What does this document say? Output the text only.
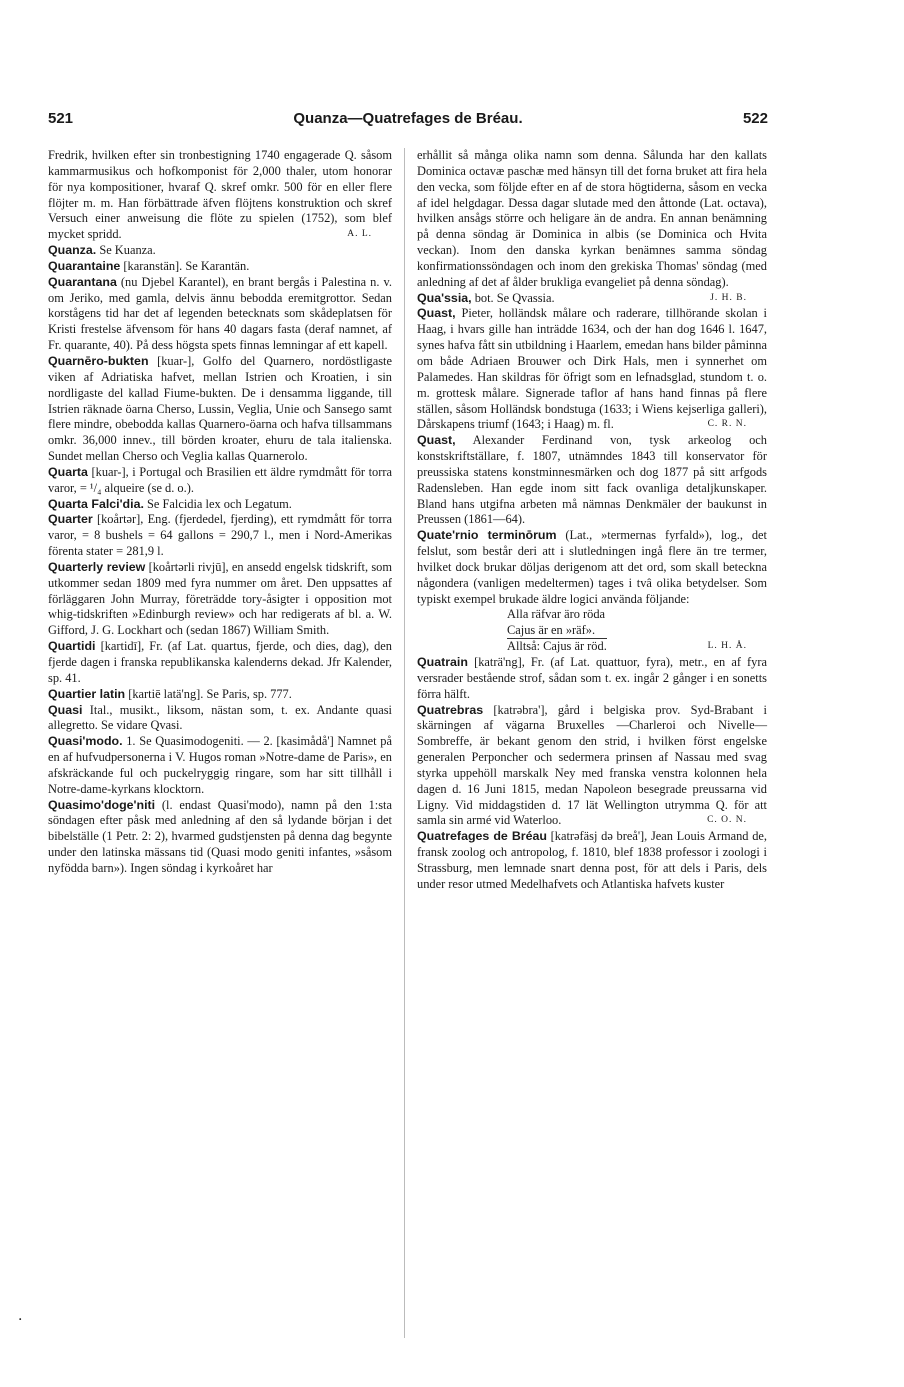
521	Quanza—Quatrefages de Bréau.	522

Fredrik, hvilken efter sin tronbestigning 1740 engagerade Q. såsom kammarmusikus och hofkomponist för 2,000 thaler, utom honorar för nya kompositioner, hvaraf Q. skref omkr. 500 för en eller flere flöjter m. m. Han förbättrade äfven flöjtens konstruktion och skref Versuch einer anweisung die flöte zu spielen (1752), som blef mycket spridd.	A. L.

Quanza. Se Kuanza.

Quarantaine [karanstän]. Se Karantän.

Quarantana (nu Djebel Karantel), en brant bergås i Palestina n. v. om Jeriko, med gamla, delvis ännu bebodda eremitgrottor. Sedan korstågens tid har det af legenden betecknats som skådeplatsen för Kristi frestelse äfvensom för hans 40 dagars fasta (deraf namnet, af Fr. quarante, 40). På dess högsta spets finnas lemningar af ett kapell.

Quarnēro-bukten [kuar-], Golfo del Quarnero, nordöstligaste viken af Adriatiska hafvet, mellan Istrien och Kroatien, i sin nordligaste del kallad Fiume-bukten. De i densamma liggande, till Istrien räknade öarna Cherso, Lussin, Veglia, Unie och Sansego samt flere mindre, obebodda kallas Quarnero-öarna och hafva tillsammans omkr. 36,000 innev., till börden kroater, ehuru de tala italienska. Sundet mellan Cherso och Veglia kallas Quarnerolo.

Quarta [kuar-], i Portugal och Brasilien ett äldre rymdmått för torra varor, = ¹/₄ alqueire (se d. o.).

Quarta Falci'dia. Se Falcidia lex och Legatum.

Quarter [koårtər], Eng. (fjerdedel, fjerding), ett rymdmått för torra varor, = 8 bushels = 64 gallons = 290,7 l., men i Nord-Amerikas förenta stater = 281,9 l.

Quarterly review [koårtərli rivjū], en ansedd engelsk tidskrift, som utkommer sedan 1809 med fyra nummer om året. Den uppsattes af förläggaren John Murray, företrädde tory-åsigter i opposition mot whig-tidskriften »Edinburgh review» och har redigerats af bl. a. W. Gifford, J. G. Lockhart och (sedan 1867) William Smith.

Quartidi [kartidī], Fr. (af Lat. quartus, fjerde, och dies, dag), den fjerde dagen i franska republikanska kalenderns dekad. Jfr Kalender, sp. 41.

Quartier latin [kartiē latä'ng]. Se Paris, sp. 777.

Quasi Ital., musikt., liksom, nästan som, t. ex. Andante quasi allegretto. Se vidare Qvasi.

Quasi'modo. 1. Se Quasimodogeniti. — 2. [kasimådå'] Namnet på en af hufvudpersonerna i V. Hugos roman »Notre-dame de Paris», en afskräckande ful och puckelryggig ringare, som har sitt tillhåll i Notre-dame-kyrkans klocktorn.

Quasimo'doge'niti (l. endast Quasi'modo), namn på den 1:sta söndagen efter påsk med anledning af den så lydande början i det bibelställe (1 Petr. 2: 2), hvarmed gudstjensten på denna dag begynte under den latinska mässans tid (Quasi modo geniti infantes, »såsom nyfödda barn»). Ingen söndag i kyrkoåret har

erhållit så många olika namn som denna. Sålunda har den kallats Dominica octavæ paschæ med hänsyn till det forna bruket att fira hela den vecka, som följde efter en af de stora högtiderna, såsom en vecka af idel helgdagar. Dessa dagar slutade med den åttonde (Lat. octava), hvilken ansågs större och heligare än de andra. En annan benämning på denna söndag är Dominica in albis (se Dominica och Hvita veckan). Inom den danska kyrkan benämnes samma söndag konfirmationssöndagen och inom den grekiska Thomas' söndag (med anledning af det af ålder brukliga evangeliet på denna söndag).
J. H. B.

Qua'ssia, bot. Se Qvassia.

Quast, Pieter, holländsk målare och raderare, tillhörande skolan i Haag, i hvars gille han inträdde 1634, och der han dog 1646 l. 1647, synes hafva fått sin utbildning i Haarlem, emedan hans bilder påminna om både Adriaen Brouwer och Dirk Hals, men i synnerhet om Palamedes. Han skildras för öfrigt som en lefnadsglad, stundom t. o. m. grottesk målare. Signerade taflor af hans hand finnas på flere ställen, såsom Holländsk bondstuga (1633; i Wiens kejserliga galleri), Dårskapens triumf (1643; i Haag) m. fl.	C. R. N.

Quast, Alexander Ferdinand von, tysk arkeolog och konstskriftställare, f. 1807, utnämndes 1843 till konservator för preussiska statens konstminnesmärken och dog 1877 på sitt arfgods Radensleben. Han egde inom sitt fack ovanliga detaljkunskaper. Bland hans utgifna arbeten må nämnas Denkmäler der baukunst in Preussen (1861—64).

Quate'rnio terminōrum (Lat., »termernas fyrfald»), log., det felslut, som består deri att i slutledningen ingå flere än tre termer, hvilket dock brukar döljas derigenom att det ord, som skall beteckna någondera (vanligen medeltermen) tages i tvâ olika betydelser. Som typiskt exempel brukade äldre logici använda följande:

Alla räfvar äro röda

Cajus är en »räf».

Alltså: Cajus är röd.	L. H. Å.

Quatrain [katrä'ng], Fr. (af Lat. quattuor, fyra), metr., en af fyra versrader bestående strof, sådan som t. ex. ingår 2 gånger i en sonetts förra hälft.

Quatrebras [katrəbra'], gård i belgiska prov. Syd-Brabant i skärningen af vägarna Bruxelles —Charleroi och Nivelle—Sombreffe, är bekant genom den strid, i hvilken först engelske generalen Perponcher och sedermera prinsen af Nassau med svag styrka uppehöll marskalk Ney med franska venstra kolonnen hela dagen d. 16 Juni 1815, medan Napoleon besegrade preussarna vid Ligny. Vid middagstiden d. 17 lät Wellington utrymma Q. för att samla sin armé vid Waterloo.	C. O. N.

Quatrefages de Bréau [katrəfäsj də breå'], Jean Louis Armand de, fransk zoolog och antropolog, f. 1810, blef 1838 professor i zoologi i Strassburg, men lemnade snart denna post, för att dels i Paris, dels under resor utmed Medelhafvets och Atlantiska hafvets kuster

·
